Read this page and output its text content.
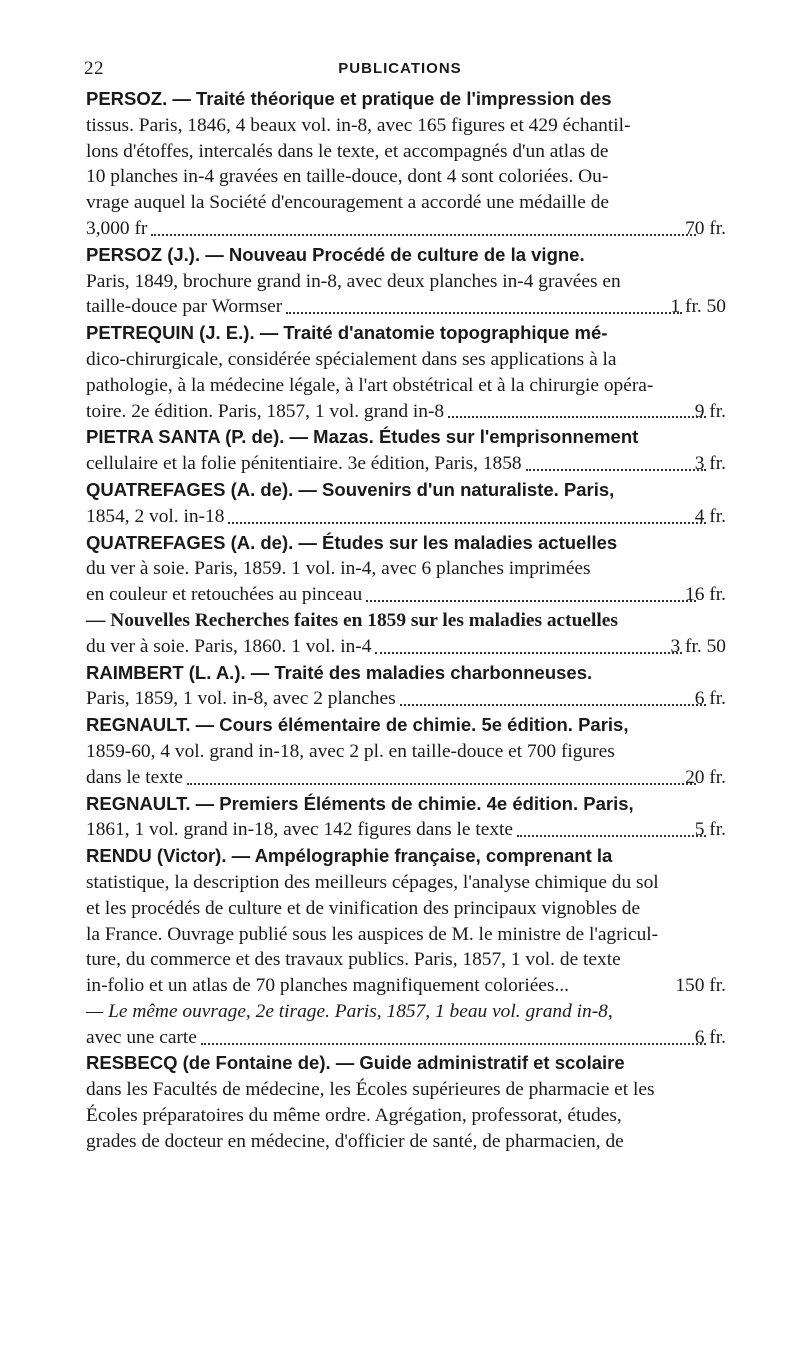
22	PUBLICATIONS
PERSOZ. — Traité théorique et pratique de l'impression des
tissus. Paris, 1846, 4 beaux vol. in-8, avec 165 figures et 429 échantil-
lons d'étoffes, intercalés dans le texte, et accompagnés d'un atlas de
10 planches in-4 gravées en taille-douce, dont 4 sont coloriées. Ou-
vrage auquel la Société d'encouragement a accordé une médaille de
3,000 fr	70 fr.
PERSOZ (J.). — Nouveau Procédé de culture de la vigne.
Paris, 1849, brochure grand in-8, avec deux planches in-4 gravées en
taille-douce par Wormser	1 fr. 50
PETREQUIN (J. E.). — Traité d'anatomie topographique mé-
dico-chirurgicale, considérée spécialement dans ses applications à la
pathologie, à la médecine légale, à l'art obstétrical et à la chirurgie opéra-
toire. 2e édition. Paris, 1857, 1 vol. grand in-8	9 fr.
PIETRA SANTA (P. de). — Mazas. Études sur l'emprisonnement
cellulaire et la folie pénitentiaire. 3e édition, Paris, 1858	3 fr.
QUATREFAGES (A. de). — Souvenirs d'un naturaliste. Paris,
1854, 2 vol. in-18	4 fr.
QUATREFAGES (A. de). — Études sur les maladies actuelles
du ver à soie. Paris, 1859. 1 vol. in-4, avec 6 planches imprimées
en couleur et retouchées au pinceau	16 fr.
— Nouvelles Recherches faites en 1859 sur les maladies actuelles
du ver à soie. Paris, 1860. 1 vol. in-4	3 fr. 50
RAIMBERT (L. A.). — Traité des maladies charbonneuses.
Paris, 1859, 1 vol. in-8, avec 2 planches	6 fr.
REGNAULT. — Cours élémentaire de chimie. 5e édition. Paris,
1859-60, 4 vol. grand in-18, avec 2 pl. en taille-douce et 700 figures
dans le texte	20 fr.
REGNAULT. — Premiers Éléments de chimie. 4e édition. Paris,
1861, 1 vol. grand in-18, avec 142 figures dans le texte	5 fr.
RENDU (Victor). — Ampélographie française, comprenant la
statistique, la description des meilleurs cépages, l'analyse chimique du sol
et les procédés de culture et de vinification des principaux vignobles de
la France. Ouvrage publié sous les auspices de M. le ministre de l'agricul-
ture, du commerce et des travaux publics. Paris, 1857, 1 vol. de texte
in-folio et un atlas de 70 planches magnifiquement coloriées...	150 fr.
— Le même ouvrage, 2e tirage. Paris, 1857, 1 beau vol. grand in-8,
avec une carte	6 fr.
RESBECQ (de Fontaine de). — Guide administratif et scolaire
dans les Facultés de médecine, les Écoles supérieures de pharmacie et les
Écoles préparatoires du même ordre. Agrégation, professorat, études,
grades de docteur en médecine, d'officier de santé, de pharmacien, de
